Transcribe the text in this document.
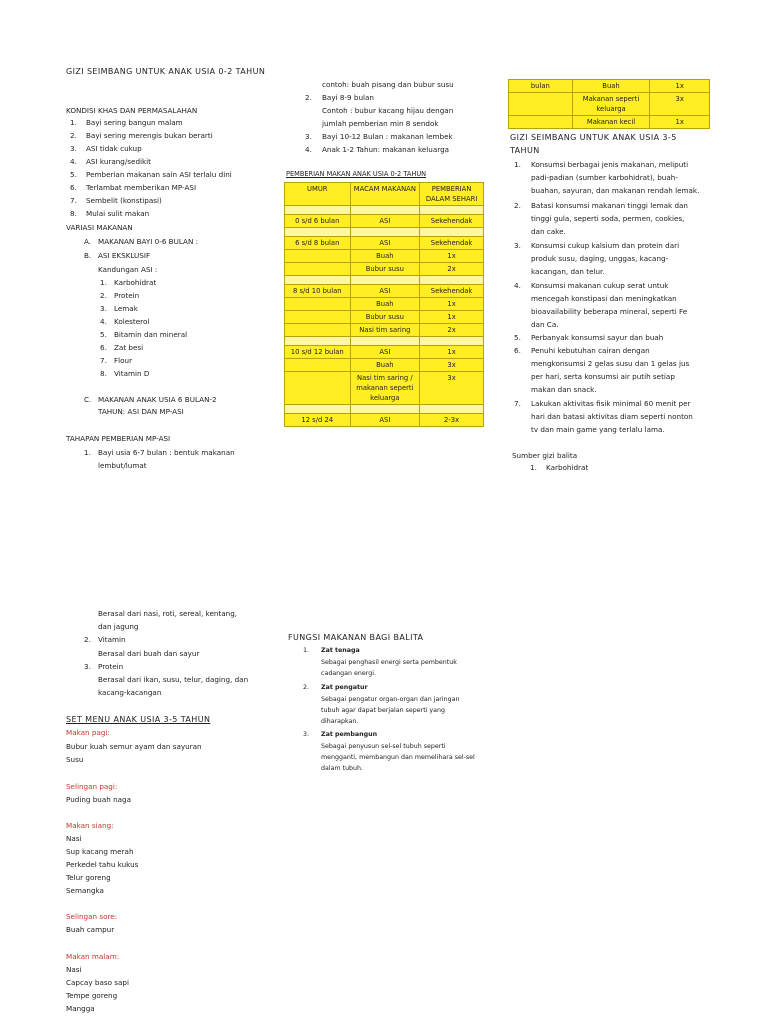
GIZI SEIMBANG UNTUK ANAK USIA 0-2 TAHUN
KONDISI KHAS DAN PERMASALAHAN
1. Bayi sering bangun malam
2. Bayi sering merengis bukan berarti
3. ASI tidak cukup
4. ASI kurang/sedikit
5. Pemberian makanan sain ASI terlalu dini
6. Terlambat memberikan MP-ASI
7. Sembelit (konstipasi)
8. Mulai sulit makan
VARIASI MAKANAN
A. MAKANAN BAYI 0-6 BULAN :
B. ASI EKSKLUSIF
Kandungan ASI :
1. Karbohidrat
2. Protein
3. Lemak
4. Kolesterol
5. Bitamin dan mineral
6. Zat besi
7. Flour
8. Vitamin D
C. MAKANAN ANAK USIA 6 BULAN-2
TAHUN: ASI DAN MP-ASI
TAHAPAN PEMBERIAN MP-ASI
1. Bayi usia 6-7 bulan : bentuk makanan
lembut/lumat
contoh: buah pisang dan bubur susu
2. Bayi 8-9 bulan
Contoh : bubur kacang hijau dengan
jumlah pemberian min 8 sendok
3. Bayi 10-12 Bulan : makanan lembek
4. Anak 1-2 Tahun: makanan keluarga
PEMBERIAN MAKAN ANAK USIA 0-2 TAHUN
UMUR	MACAM MAKANAN	PEMBERIAN DALAM SEHARI

0 s/d 6 bulan	ASI	Sekehendak

6 s/d 8 bulan	ASI	Sekehendak
	Buah	1x
	Bubur susu	2x

8 s/d 10 bulan	ASI	Sekehendak
	Buah	1x
	Bubur susu	1x
	Nasi tim saring	2x

10 s/d 12 bulan	ASI	1x
	Buah	3x
	Nasi tim saring / makanan seperti keluarga	3x

12 s/d 24	ASI	2-3x
bulan	Buah	1x
	Makanan seperti keluarga	3x
	Makanan kecil	1x
GIZI SEIMBANG UNTUK ANAK USIA 3-5
TAHUN
1. Konsumsi berbagai jenis makanan, meliputi
padi-padian (sumber karbohidrat), buah-
buahan, sayuran, dan makanan rendah lemak.
2. Batasi konsumsi makanan tinggi lemak dan
tinggi gula, seperti soda, permen, cookies,
dan cake.
3. Konsumsi cukup kalsium dan protein dari
produk susu, daging, unggas, kacang-
kacangan, dan telur.
4. Konsumsi makanan cukup serat untuk
mencegah konstipasi dan meningkatkan
bioavailability beberapa mineral, seperti Fe
dan Ca.
5. Perbanyak konsumsi sayur dan buah
6. Penuhi kebutuhan cairan dengan
mengkonsumsi 2 gelas susu dan 1 gelas jus
per hari, serta konsumsi air putih setiap
makan dan snack.
7. Lakukan aktivitas fisik minimal 60 menit per
hari dan batasi aktivitas diam seperti nonton
tv dan main game yang terlalu lama.
Sumber gizi balita
1. Karbohidrat
Berasal dari nasi, roti, sereal, kentang,
dan jagung
2. Vitamin
Berasal dari buah dan sayur
3. Protein
Berasal dari ikan, susu, telur, daging, dan
kacang-kacangan
SET MENU ANAK USIA 3-5 TAHUN
Makan pagi:
Bubur kuah semur ayam dan sayuran
Susu
Selingan pagi:
Puding buah naga
Makan siang:
Nasi
Sup kacang merah
Perkedel tahu kukus
Telur goreng
Semangka
Selingan sore:
Buah campur
Makan malam:
Nasi
Capcay baso sapi
Tempe goreng
Mangga
FUNGSI MAKANAN BAGI BALITA
1. Zat tenaga
Sebagai penghasil energi serta pembentuk
cadangan energi.
2. Zat pengatur
Sebagai pengatur organ-organ dan jaringan
tubuh agar dapat berjalan seperti yang
diharapkan.
3. Zat pembangun
Sebagai penyusun sel-sel tubuh seperti
mengganti, membangun dan memelihara sel-sel
dalam tubuh.
